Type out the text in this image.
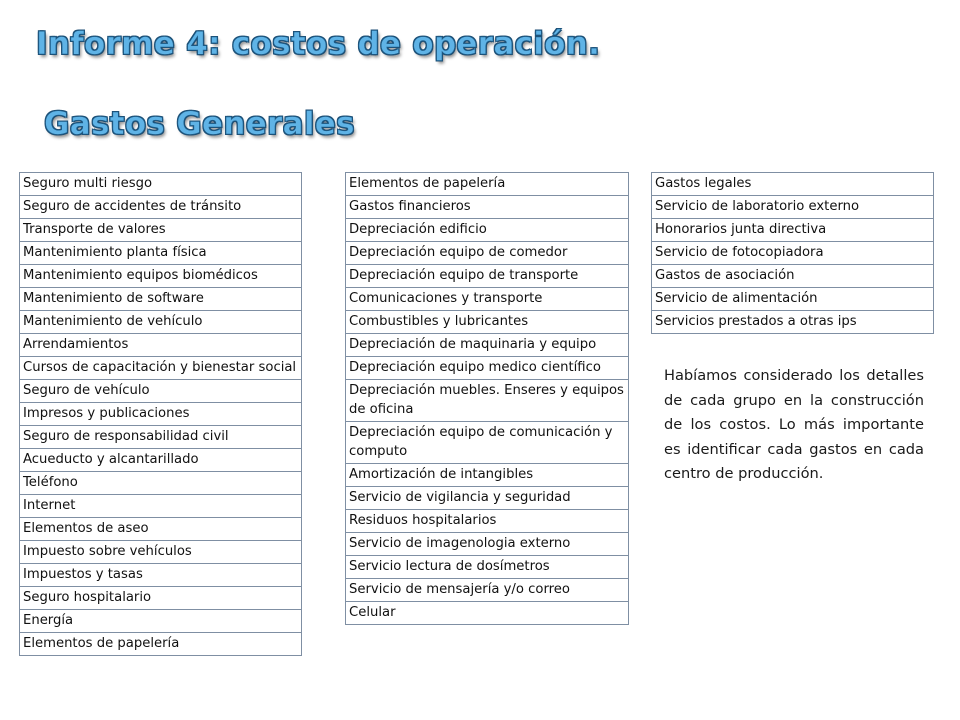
Informe 4: costos de operación.
Gastos Generales
Seguro multi riesgo
Seguro de accidentes de tránsito
Transporte de valores
Mantenimiento planta física
Mantenimiento equipos biomédicos
Mantenimiento de software
Mantenimiento de vehículo
Arrendamientos
Cursos de capacitación y bienestar social
Seguro de vehículo
Impresos y publicaciones
Seguro de responsabilidad civil
Acueducto y alcantarillado
Teléfono
Internet
Elementos de aseo
Impuesto sobre vehículos
Impuestos y tasas
Seguro hospitalario
Energía
Elementos de papelería
Elementos de papelería
Gastos financieros
Depreciación edificio
Depreciación equipo de comedor
Depreciación equipo de transporte
Comunicaciones y transporte
Combustibles y lubricantes
Depreciación de maquinaria y equipo
Depreciación equipo medico científico
Depreciación muebles. Enseres y equipos de oficina
Depreciación equipo de comunicación y computo
Amortización de intangibles
Servicio de vigilancia y seguridad
Residuos hospitalarios
Servicio de imagenologia externo
Servicio lectura de dosímetros
Servicio de mensajería y/o correo
Celular
Gastos legales
Servicio de laboratorio externo
Honorarios junta directiva
Servicio de fotocopiadora
Gastos de asociación
Servicio de alimentación
Servicios prestados a otras ips

Habíamos considerado los detalles de cada grupo en la construcción de los costos. Lo más importante es identificar cada gastos en cada centro de producción.
